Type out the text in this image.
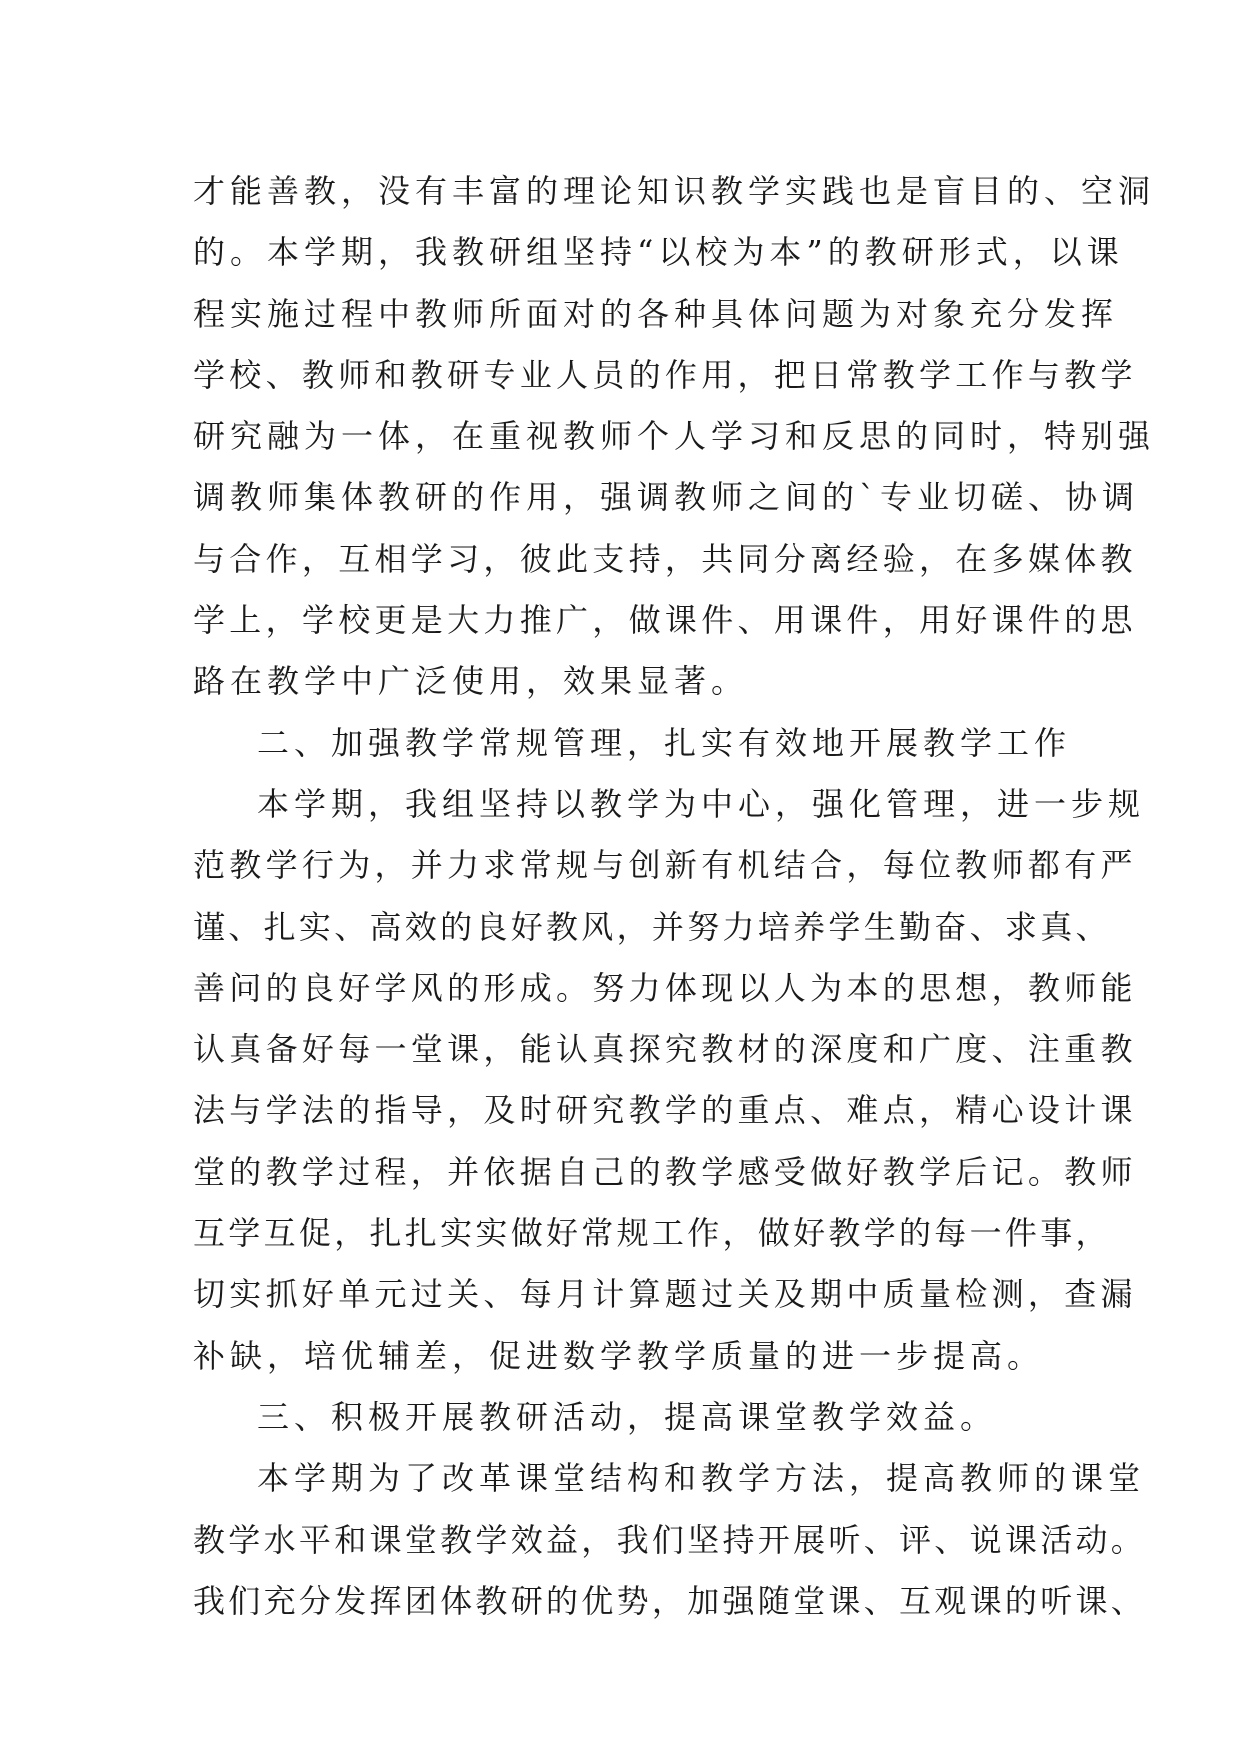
才能善教，没有丰富的理论知识教学实践也是盲目的、空洞
的。本学期，我教研组坚持“以校为本”的教研形式，以课
程实施过程中教师所面对的各种具体问题为对象充分发挥
学校、教师和教研专业人员的作用，把日常教学工作与教学
研究融为一体，在重视教师个人学习和反思的同时，特别强
调教师集体教研的作用，强调教师之间的`专业切磋、协调
与合作，互相学习，彼此支持，共同分离经验，在多媒体教
学上，学校更是大力推广，做课件、用课件，用好课件的思
路在教学中广泛使用，效果显著。
二、加强教学常规管理，扎实有效地开展教学工作
本学期，我组坚持以教学为中心，强化管理，进一步规
范教学行为，并力求常规与创新有机结合，每位教师都有严
谨、扎实、高效的良好教风，并努力培养学生勤奋、求真、
善问的良好学风的形成。努力体现以人为本的思想，教师能
认真备好每一堂课，能认真探究教材的深度和广度、注重教
法与学法的指导，及时研究教学的重点、难点，精心设计课
堂的教学过程，并依据自己的教学感受做好教学后记。教师
互学互促，扎扎实实做好常规工作，做好教学的每一件事，
切实抓好单元过关、每月计算题过关及期中质量检测，查漏
补缺，培优辅差，促进数学教学质量的进一步提高。
三、积极开展教研活动，提高课堂教学效益。
本学期为了改革课堂结构和教学方法，提高教师的课堂
教学水平和课堂教学效益，我们坚持开展听、评、说课活动。
我们充分发挥团体教研的优势，加强随堂课、互观课的听课、
